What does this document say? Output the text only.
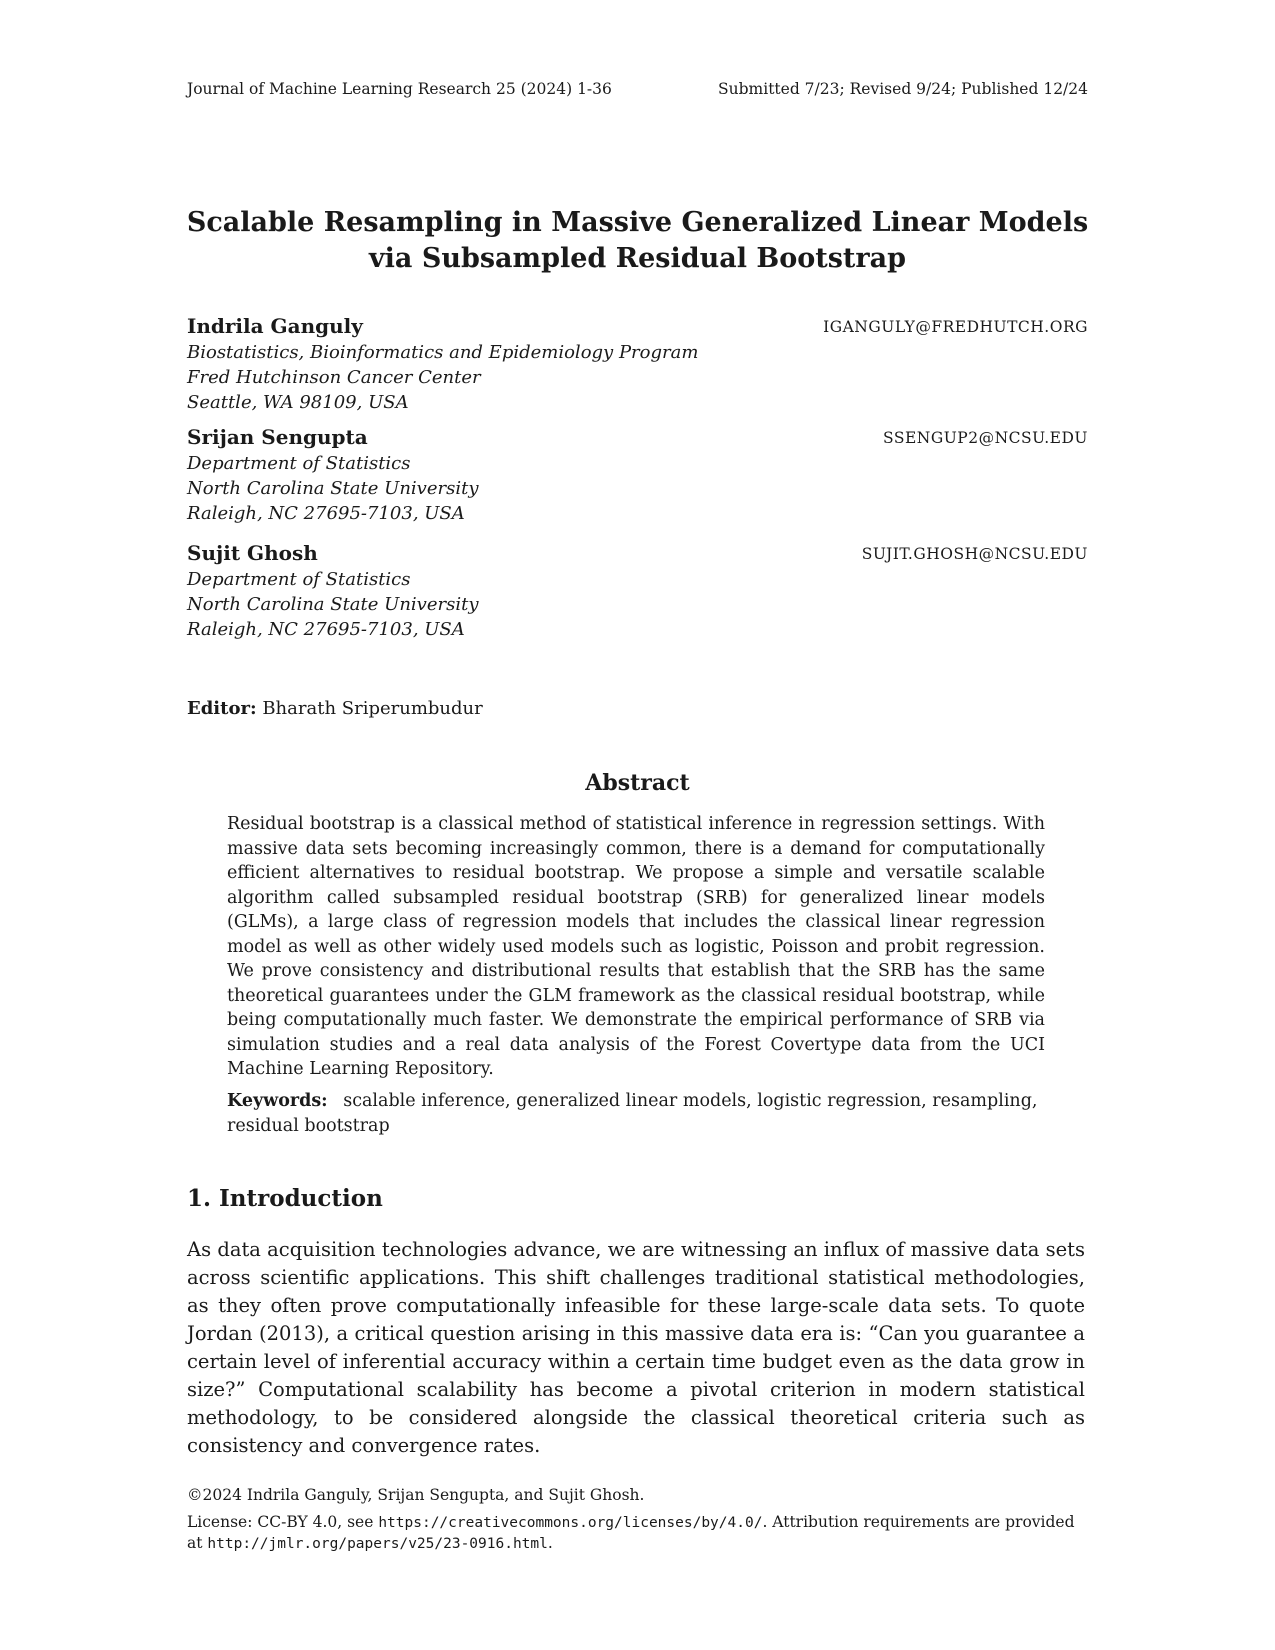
Journal of Machine Learning Research 25 (2024) 1-36	Submitted 7/23; Revised 9/24; Published 12/24
Scalable Resampling in Massive Generalized Linear Models
via Subsampled Residual Bootstrap
Indrila Ganguly
Biostatistics, Bioinformatics and Epidemiology Program
Fred Hutchinson Cancer Center
Seattle, WA 98109, USA
IGANGULY@FREDHUTCH.ORG
Srijan Sengupta
Department of Statistics
North Carolina State University
Raleigh, NC 27695-7103, USA
SSENGUP2@NCSU.EDU
Sujit Ghosh
Department of Statistics
North Carolina State University
Raleigh, NC 27695-7103, USA
SUJIT.GHOSH@NCSU.EDU
Editor: Bharath Sriperumbudur
Abstract
Residual bootstrap is a classical method of statistical inference in regression settings. With massive data sets becoming increasingly common, there is a demand for computationally efficient alternatives to residual bootstrap. We propose a simple and versatile scalable algorithm called subsampled residual bootstrap (SRB) for generalized linear models (GLMs), a large class of regression models that includes the classical linear regression model as well as other widely used models such as logistic, Poisson and probit regression. We prove consistency and distributional results that establish that the SRB has the same theoretical guarantees under the GLM framework as the classical residual bootstrap, while being computationally much faster. We demonstrate the empirical performance of SRB via simulation studies and a real data analysis of the Forest Covertype data from the UCI Machine Learning Repository.
Keywords: scalable inference, generalized linear models, logistic regression, resampling, residual bootstrap
1. Introduction
As data acquisition technologies advance, we are witnessing an influx of massive data sets across scientific applications. This shift challenges traditional statistical methodologies, as they often prove computationally infeasible for these large-scale data sets. To quote Jordan (2013), a critical question arising in this massive data era is: “Can you guarantee a certain level of inferential accuracy within a certain time budget even as the data grow in size?” Computational scalability has become a pivotal criterion in modern statistical methodology, to be considered alongside the classical theoretical criteria such as consistency and convergence rates.
©2024 Indrila Ganguly, Srijan Sengupta, and Sujit Ghosh.
License: CC-BY 4.0, see https://creativecommons.org/licenses/by/4.0/. Attribution requirements are provided at http://jmlr.org/papers/v25/23-0916.html.
